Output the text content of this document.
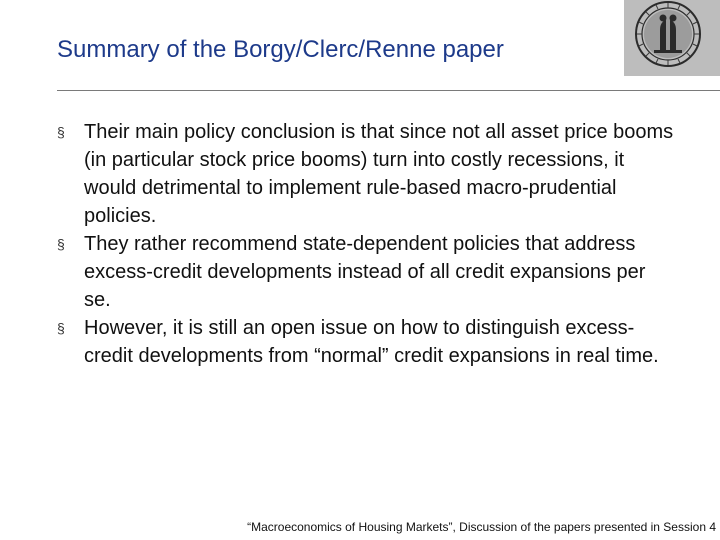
Summary of the Borgy/Clerc/Renne paper
§ Their main policy conclusion is that since not all asset price booms (in particular stock price booms) turn into costly recessions, it would detrimental to implement rule-based macro-prudential policies.
§ They rather recommend state-dependent policies that address excess-credit developments instead of all credit expansions per se.
§ However, it is still an open issue on how to distinguish excess-credit developments from “normal” credit expansions in real time.
“Macroeconomics of Housing Markets”, Discussion of the papers presented in Session 4
